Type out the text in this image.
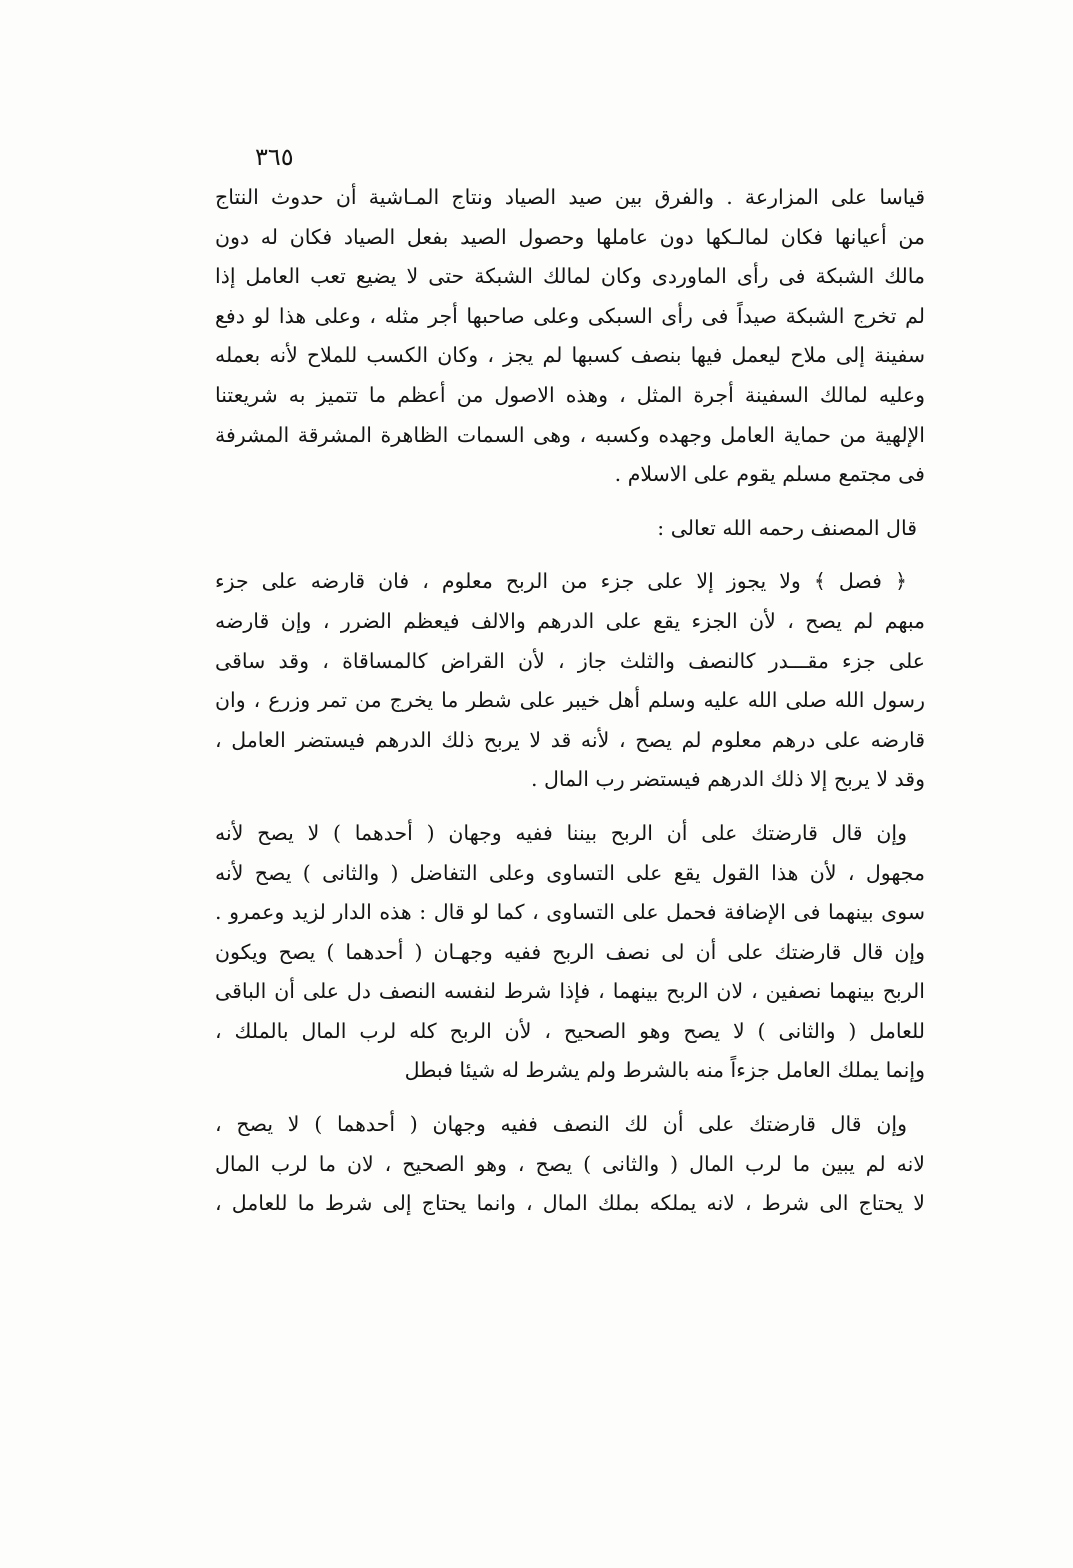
٣٦٥
قياسا على المزارعة . والفرق بين صيد الصياد ونتاج المـاشية أن حدوث النتاج
من أعيانها فكان لمالـكها دون عاملها وحصول الصيد بفعل الصياد فكان له دون
مالك الشبكة فى رأى الماوردى وكان لمالك الشبكة حتى لا يضيع تعب العامل إذا
لم تخرج الشبكة صيداً فى رأى السبكى وعلى صاحبها أجر مثله ، وعلى هذا لو دفع
سفينة إلى ملاح ليعمل فيها بنصف كسبها لم يجز ، وكان الكسب للملاح لأنه بعمله
وعليه لمالك السفينة أجرة المثل ، وهذه الاصول من أعظم ما تتميز به شريعتنا
الإلهية من حماية العامل وجهده وكسبه ، وهى السمات الظاهرة المشرقة المشرفة
فى مجتمع مسلم يقوم على الاسلام .
قال المصنف رحمه الله تعالى :
﴿ فصل ﴾ ولا يجوز إلا على جزء من الربح معلوم ، فان قارضه على جزء
مبهم لم يصح ، لأن الجزء يقع على الدرهم والالف فيعظم الضرر ، وإن قارضه
على جزء مقـــدر كالنصف والثلث جاز ، لأن القراض كالمساقاة ، وقد ساقى
رسول الله صلى الله عليه وسلم أهل خيبر على شطر ما يخرج من تمر وزرع ، وان
قارضه على درهم معلوم لم يصح ، لأنه قد لا يربح ذلك الدرهم فيستضر العامل ،
وقد لا يربح إلا ذلك الدرهم فيستضر رب المال .
وإن قال قارضتك على أن الربح بيننا ففيه وجهان ( أحدهما ) لا يصح لأنه
مجهول ، لأن هذا القول يقع على التساوى وعلى التفاضل ( والثانى ) يصح لأنه
سوى بينهما فى الإضافة فحمل على التساوى ، كما لو قال : هذه الدار لزيد وعمرو .
وإن قال قارضتك على أن لى نصف الربح ففيه وجهـان ( أحدهما ) يصح ويكون
الربح بينهما نصفين ، لان الربح بينهما ، فإذا شرط لنفسه النصف دل على أن الباقى
للعامل ( والثانى ) لا يصح وهو الصحيح ، لأن الربح كله لرب المال بالملك ،
وإنما يملك العامل جزءاً منه بالشرط ولم يشرط له شيئا فبطل
وإن قال قارضتك على أن لك النصف ففيه وجهان ( أحدهما ) لا يصح ،
لانه لم يبين ما لرب المال ( والثانى ) يصح ، وهو الصحيح ، لان ما لرب المال
لا يحتاج الى شرط ، لانه يملكه بملك المال ، وانما يحتاج إلى شرط ما للعامل ،
